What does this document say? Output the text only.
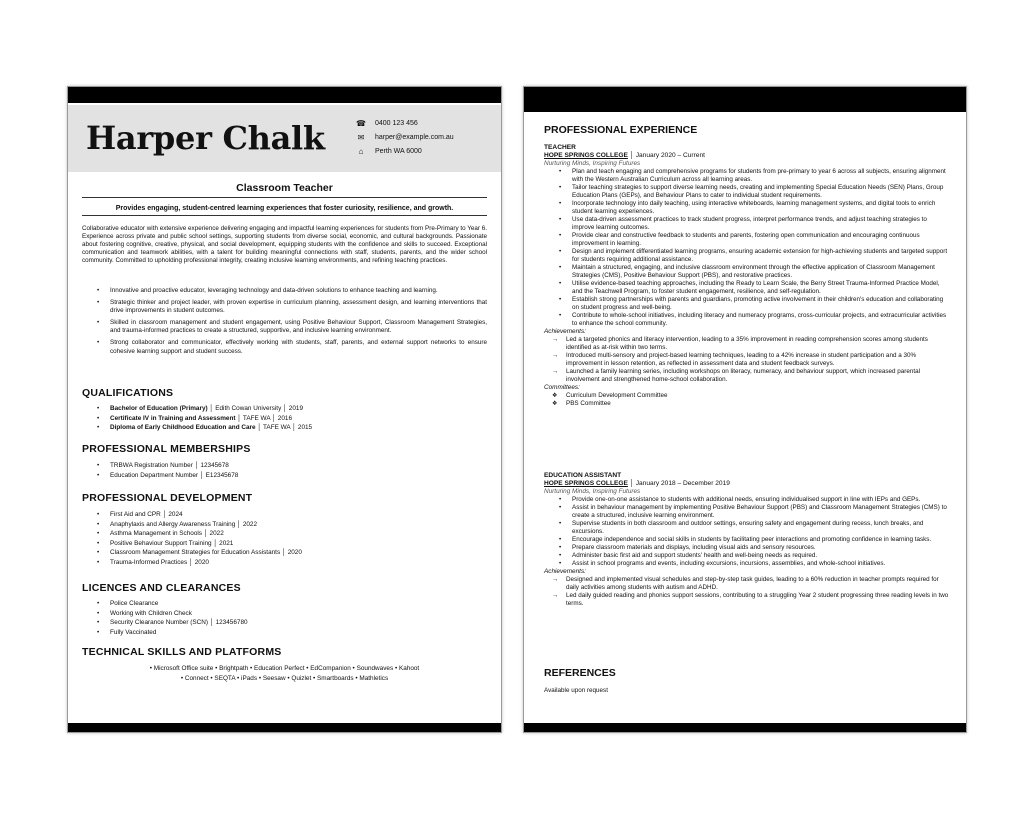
Harper Chalk	☎ 0400 123 456
✉	harper@example.com.au
⌂	Perth WA 6000
Classroom Teacher
Provides engaging, student-centred learning experiences that foster curiosity, resilience, and growth.
Collaborative educator with extensive experience delivering engaging and impactful learning experiences for students from Pre-Primary to Year 6. Experience across private and public school settings, supporting students from diverse social, economic, and cultural backgrounds. Passionate about fostering cognitive, creative, physical, and social development, equipping students with the confidence and skills to succeed. Exceptional communication and teamwork abilities, with a talent for building meaningful connections with staff, students, parents, and the wider school community. Committed to upholding professional integrity, creating inclusive learning environments, and refining teaching practices.
• Innovative and proactive educator, leveraging technology and data-driven solutions to enhance teaching and learning.
• Strategic thinker and project leader, with proven expertise in curriculum planning, assessment design, and learning interventions that drive improvements in student outcomes.
• Skilled in classroom management and student engagement, using Positive Behaviour Support, Classroom Management Strategies, and trauma-informed practices to create a structured, supportive, and inclusive learning environment.
• Strong collaborator and communicator, effectively working with students, staff, parents, and external support networks to ensure cohesive learning support and student success.
QUALIFICATIONS
• Bachelor of Education (Primary) │ Edith Cowan University │ 2019
• Certificate IV in Training and Assessment │ TAFE WA │ 2016
• Diploma of Early Childhood Education and Care │ TAFE WA │ 2015
PROFESSIONAL MEMBERSHIPS
• TRBWA Registration Number │ 12345678
• Education Department Number │ E12345678
PROFESSIONAL DEVELOPMENT
• First Aid and CPR │ 2024
• Anaphylaxis and Allergy Awareness Training │ 2022
• Asthma Management in Schools │ 2022
• Positive Behaviour Support Training │ 2021
• Classroom Management Strategies for Education Assistants │ 2020
• Trauma-Informed Practices │ 2020
LICENCES AND CLEARANCES
• Police Clearance
• Working with Children Check
• Security Clearance Number (SCN) │ 123456780
• Fully Vaccinated
TECHNICAL SKILLS AND PLATFORMS
• Microsoft Office suite • Brightpath • Education Perfect • EdCompanion • Soundwaves • Kahoot
• Connect • SEQTA • iPads • Seesaw • Quizlet • Smartboards • Mathletics
PROFESSIONAL EXPERIENCE
TEACHER
HOPE SPRINGS COLLEGE │ January 2020 – Current
Nurturing Minds, Inspiring Futures
• Plan and teach engaging and comprehensive programs for students from pre-primary to year 6 across all subjects, ensuring alignment with the Western Australian Curriculum across all learning areas.
• Tailor teaching strategies to support diverse learning needs, creating and implementing Special Education Needs (SEN) Plans, Group Education Plans (GEPs), and Behaviour Plans to cater to individual student requirements.
• Incorporate technology into daily teaching, using interactive whiteboards, learning management systems, and digital tools to enrich student learning experiences.
• Use data-driven assessment practices to track student progress, interpret performance trends, and adjust teaching strategies to improve learning outcomes.
• Provide clear and constructive feedback to students and parents, fostering open communication and encouraging continuous improvement in learning.
• Design and implement differentiated learning programs, ensuring academic extension for high-achieving students and targeted support for students requiring additional assistance.
• Maintain a structured, engaging, and inclusive classroom environment through the effective application of Classroom Management Strategies (CMS), Positive Behaviour Support (PBS), and restorative practices.
• Utilise evidence-based teaching approaches, including the Ready to Learn Scale, the Berry Street Trauma-Informed Practice Model, and the Teachwell Program, to foster student engagement, resilience, and self-regulation.
• Establish strong partnerships with parents and guardians, promoting active involvement in their children's education and collaborating on student progress and well-being.
• Contribute to whole-school initiatives, including literacy and numeracy programs, cross-curricular projects, and extracurricular activities to enhance the school community.
Achievements:
→ Led a targeted phonics and literacy intervention, leading to a 35% improvement in reading comprehension scores among students identified as at-risk within two terms.
→ Introduced multi-sensory and project-based learning techniques, leading to a 42% increase in student participation and a 30% improvement in lesson retention, as reflected in assessment data and student feedback surveys.
→ Launched a family learning series, including workshops on literacy, numeracy, and behaviour support, which increased parental involvement and strengthened home-school collaboration.
Committees:
❖ Curriculum Development Committee
❖ PBS Committee
EDUCATION ASSISTANT
HOPE SPRINGS COLLEGE │ January 2018 – December 2019
Nurturing Minds, Inspiring Futures
• Provide one-on-one assistance to students with additional needs, ensuring individualised support in line with IEPs and GEPs.
• Assist in behaviour management by implementing Positive Behaviour Support (PBS) and Classroom Management Strategies (CMS) to create a structured, inclusive learning environment.
• Supervise students in both classroom and outdoor settings, ensuring safety and engagement during recess, lunch breaks, and excursions.
• Encourage independence and social skills in students by facilitating peer interactions and promoting confidence in learning tasks.
• Prepare classroom materials and displays, including visual aids and sensory resources.
• Administer basic first aid and support students' health and well-being needs as required.
• Assist in school programs and events, including excursions, incursions, assemblies, and whole-school initiatives.
Achievements:
→ Designed and implemented visual schedules and step-by-step task guides, leading to a 60% reduction in teacher prompts required for daily activities among students with autism and ADHD.
→ Led daily guided reading and phonics support sessions, contributing to a struggling Year 2 student progressing three reading levels in two terms.
REFERENCES
Available upon request
